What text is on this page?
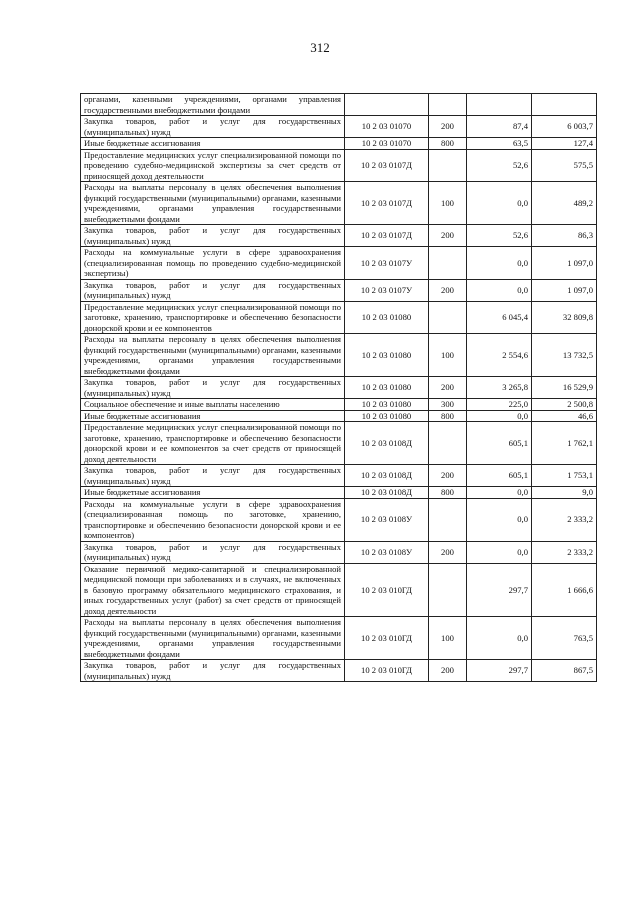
312
органами, казенными учреждениями, органами управления государственными внебюджетными фондами				
Закупка товаров, работ и услуг для государственных (муниципальных) нужд	10 2 03 01070	200	87,4	6 003,7
Иные бюджетные ассигнования	10 2 03 01070	800	63,5	127,4
Предоставление медицинских услуг специализированной помощи по проведению судебно-медицинской экспертизы за счет средств от приносящей доход деятельности	10 2 03 0107Д		52,6	575,5
Расходы на выплаты персоналу в целях обеспечения выполнения функций государственными (муниципальными) органами, казенными учреждениями, органами управления государственными внебюджетными фондами	10 2 03 0107Д	100	0,0	489,2
Закупка товаров, работ и услуг для государственных (муниципальных) нужд	10 2 03 0107Д	200	52,6	86,3
Расходы на коммунальные услуги в сфере здравоохранения (специализированная помощь по проведению судебно-медицинской экспертизы)	10 2 03 0107У		0,0	1 097,0
Закупка товаров, работ и услуг для государственных (муниципальных) нужд	10 2 03 0107У	200	0,0	1 097,0
Предоставление медицинских услуг специализированной помощи по заготовке, хранению, транспортировке и обеспечению безопасности донорской крови и ее компонентов	10 2 03 01080		6 045,4	32 809,8
Расходы на выплаты персоналу в целях обеспечения выполнения функций государственными (муниципальными) органами, казенными учреждениями, органами управления государственными внебюджетными фондами	10 2 03 01080	100	2 554,6	13 732,5
Закупка товаров, работ и услуг для государственных (муниципальных) нужд	10 2 03 01080	200	3 265,8	16 529,9
Социальное обеспечение и иные выплаты населению	10 2 03 01080	300	225,0	2 500,8
Иные бюджетные ассигнования	10 2 03 01080	800	0,0	46,6
Предоставление медицинских услуг специализированной помощи по заготовке, хранению, транспортировке и обеспечению безопасности донорской крови и ее компонентов за счет средств от приносящей доход деятельности	10 2 03 0108Д		605,1	1 762,1
Закупка товаров, работ и услуг для государственных (муниципальных) нужд	10 2 03 0108Д	200	605,1	1 753,1
Иные бюджетные ассигнования	10 2 03 0108Д	800	0,0	9,0
Расходы на коммунальные услуги в сфере здравоохранения (специализированная помощь по заготовке, хранению, транспортировке и обеспечению безопасности донорской крови и ее компонентов)	10 2 03 0108У		0,0	2 333,2
Закупка товаров, работ и услуг для государственных (муниципальных) нужд	10 2 03 0108У	200	0,0	2 333,2
Оказание первичной медико-санитарной и специализированной медицинской помощи при заболеваниях и в случаях, не включенных в базовую программу обязательного медицинского страхования, и иных государственных услуг (работ) за счет средств от приносящей доход деятельности	10 2 03 010ГД		297,7	1 666,6
Расходы на выплаты персоналу в целях обеспечения выполнения функций государственными (муниципальными) органами, казенными учреждениями, органами управления государственными внебюджетными фондами	10 2 03 010ГД	100	0,0	763,5
Закупка товаров, работ и услуг для государственных (муниципальных) нужд	10 2 03 010ГД	200	297,7	867,5
